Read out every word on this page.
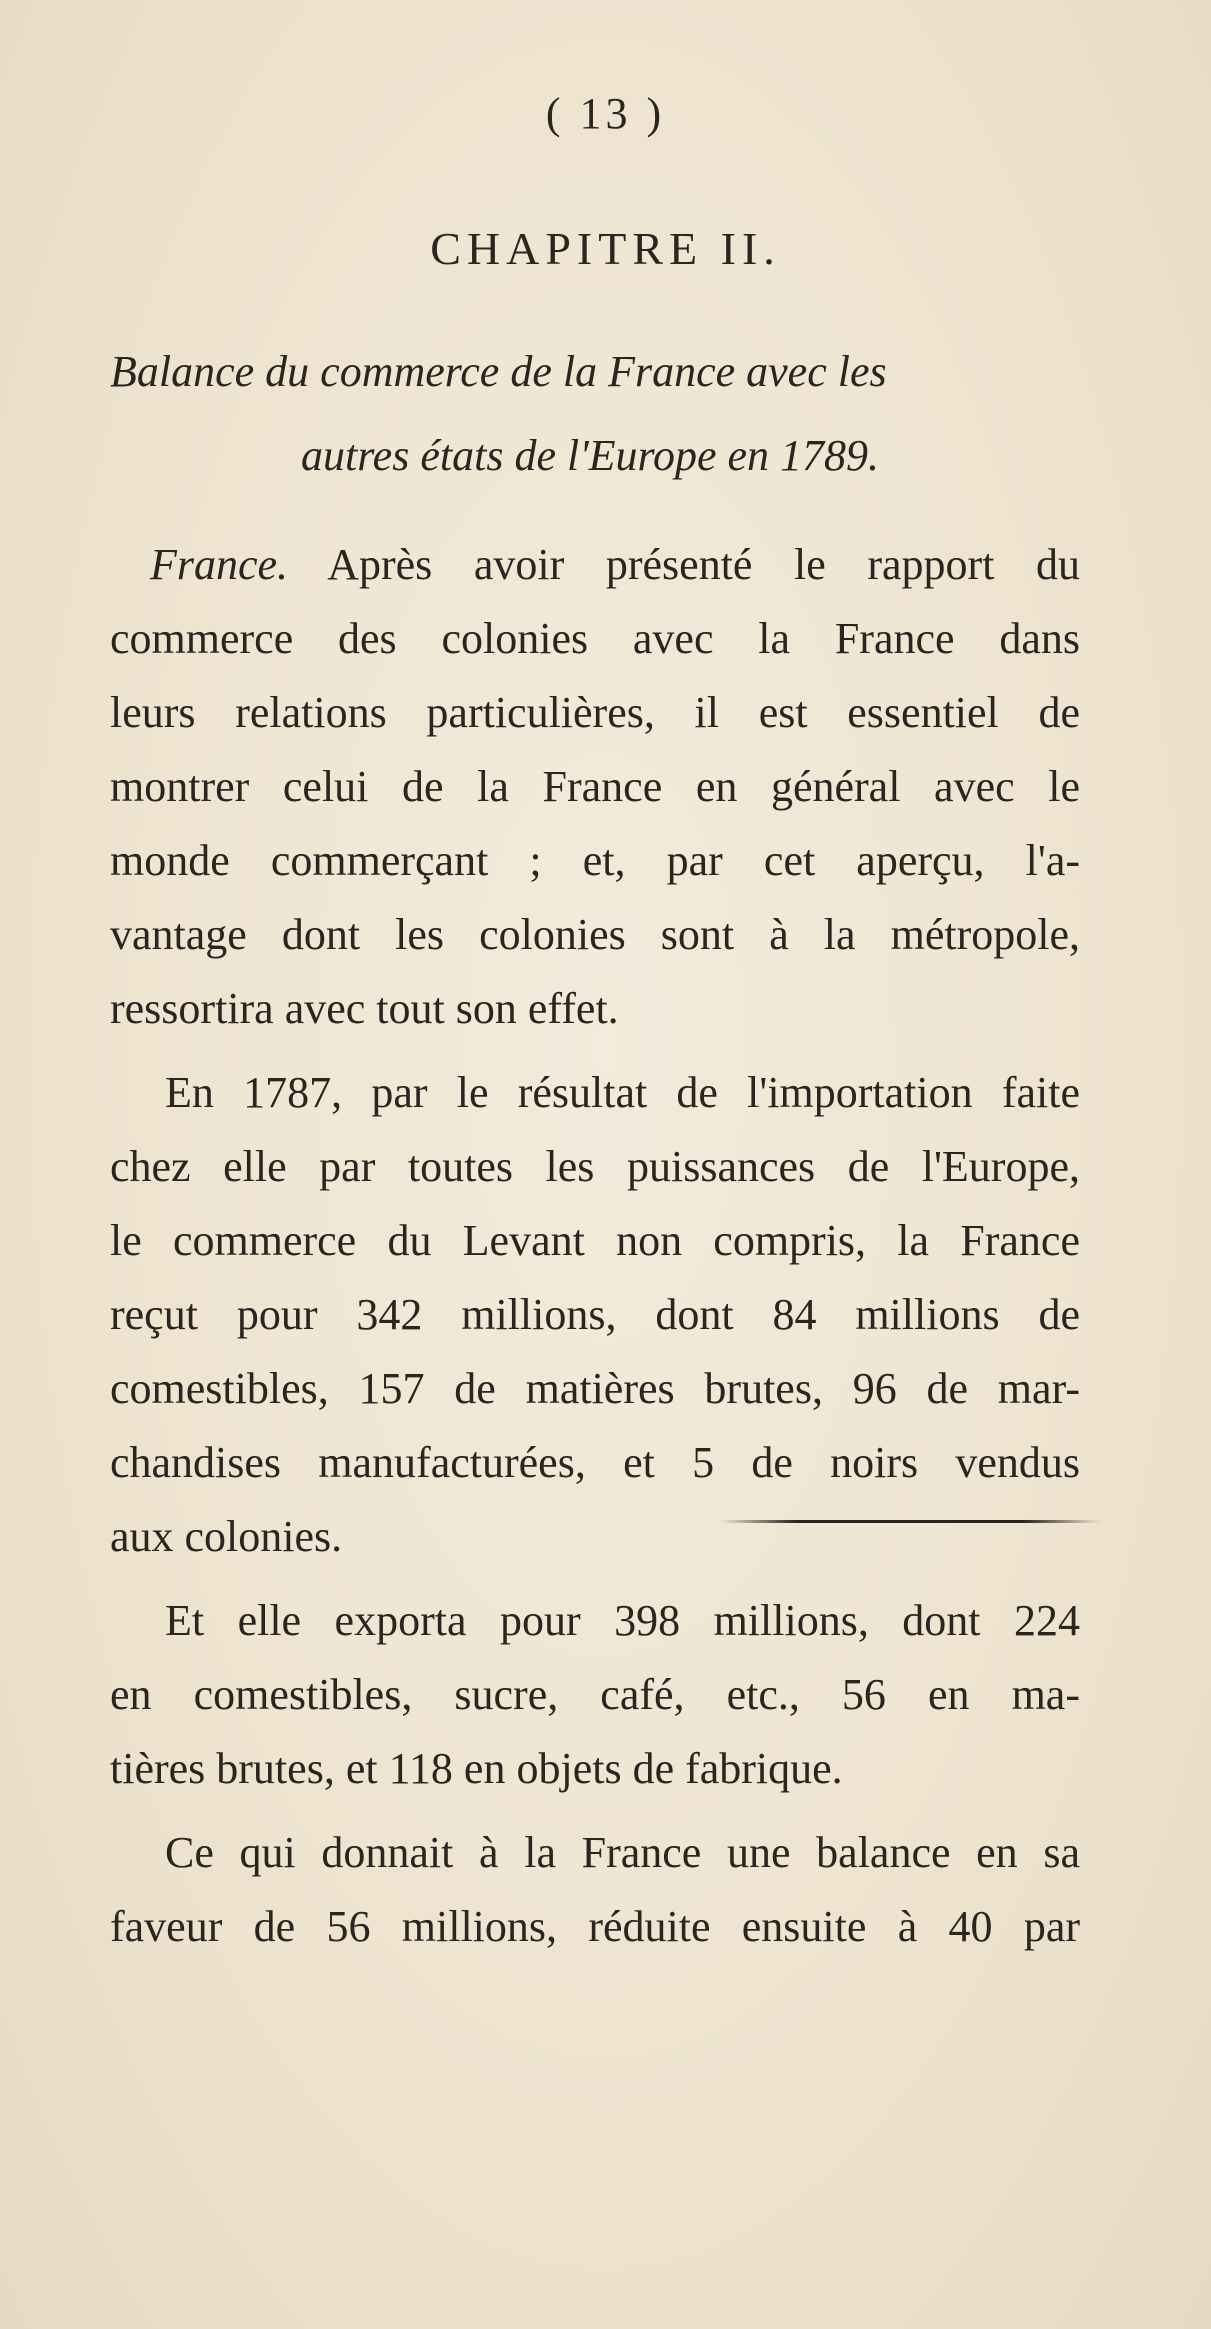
( 13 )
CHAPITRE II.
Balance du commerce de la France avec les
autres états de l'Europe en 1789.
France. Après avoir présenté le rapport du
commerce des colonies avec la France dans
leurs relations particulières, il est essentiel de
montrer celui de la France en général avec le
monde commerçant ; et, par cet aperçu, l'a-
vantage dont les colonies sont à la métropole,
ressortira avec tout son effet.
En 1787, par le résultat de l'importation faite
chez elle par toutes les puissances de l'Europe,
le commerce du Levant non compris, la France
reçut pour 342 millions, dont 84 millions de
comestibles, 157 de matières brutes, 96 de mar-
chandises manufacturées, et 5 de noirs vendus
aux colonies.
Et elle exporta pour 398 millions, dont 224
en comestibles, sucre, café, etc., 56 en ma-
tières brutes, et 118 en objets de fabrique.
Ce qui donnait à la France une balance en sa
faveur de 56 millions, réduite ensuite à 40 par
